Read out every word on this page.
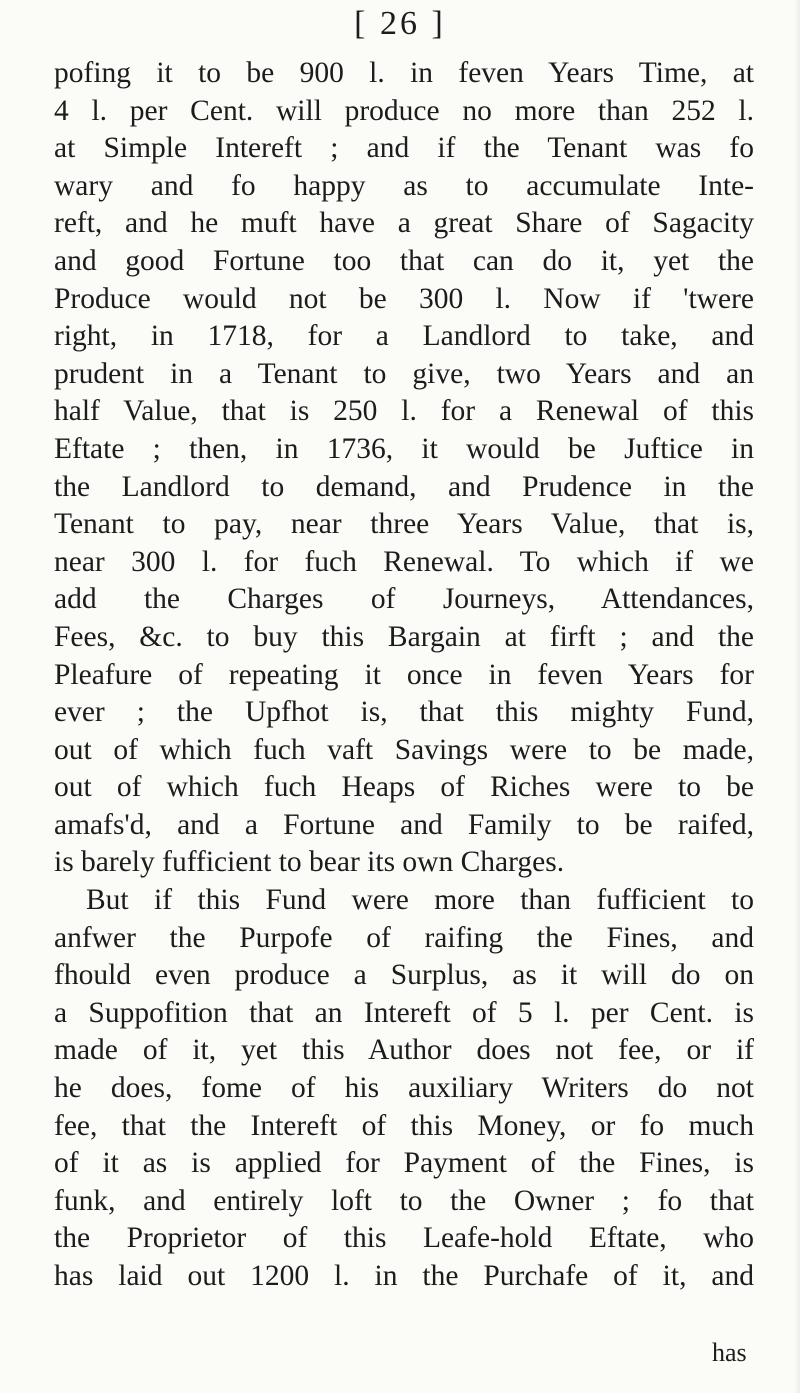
[ 26 ]
pofing it to be 900 l. in feven Years Time, at
4 l. per Cent. will produce no more than 252 l.
at Simple Intereft ; and if the Tenant was fo
wary and fo happy as to accumulate Inte-
reft, and he muft have a great Share of Sagacity
and good Fortune too that can do it, yet the
Produce would not be 300 l. Now if 'twere
right, in 1718, for a Landlord to take, and
prudent in a Tenant to give, two Years and an
half Value, that is 250 l. for a Renewal of this
Eftate ; then, in 1736, it would be Juftice in
the Landlord to demand, and Prudence in the
Tenant to pay, near three Years Value, that is,
near 300 l. for fuch Renewal. To which if we
add the Charges of Journeys, Attendances,
Fees, &c. to buy this Bargain at firft ; and the
Pleafure of repeating it once in feven Years for
ever ; the Upfhot is, that this mighty Fund,
out of which fuch vaft Savings were to be made,
out of which fuch Heaps of Riches were to be
amafs'd, and a Fortune and Family to be raifed,
is barely fufficient to bear its own Charges.
But if this Fund were more than fufficient to
anfwer the Purpofe of raifing the Fines, and
fhould even produce a Surplus, as it will do on
a Suppofition that an Intereft of 5 l. per Cent. is
made of it, yet this Author does not fee, or if
he does, fome of his auxiliary Writers do not
fee, that the Intereft of this Money, or fo much
of it as is applied for Payment of the Fines, is
funk, and entirely loft to the Owner ; fo that
the Proprietor of this Leafe-hold Eftate, who
has laid out 1200 l. in the Purchafe of it, and
has
